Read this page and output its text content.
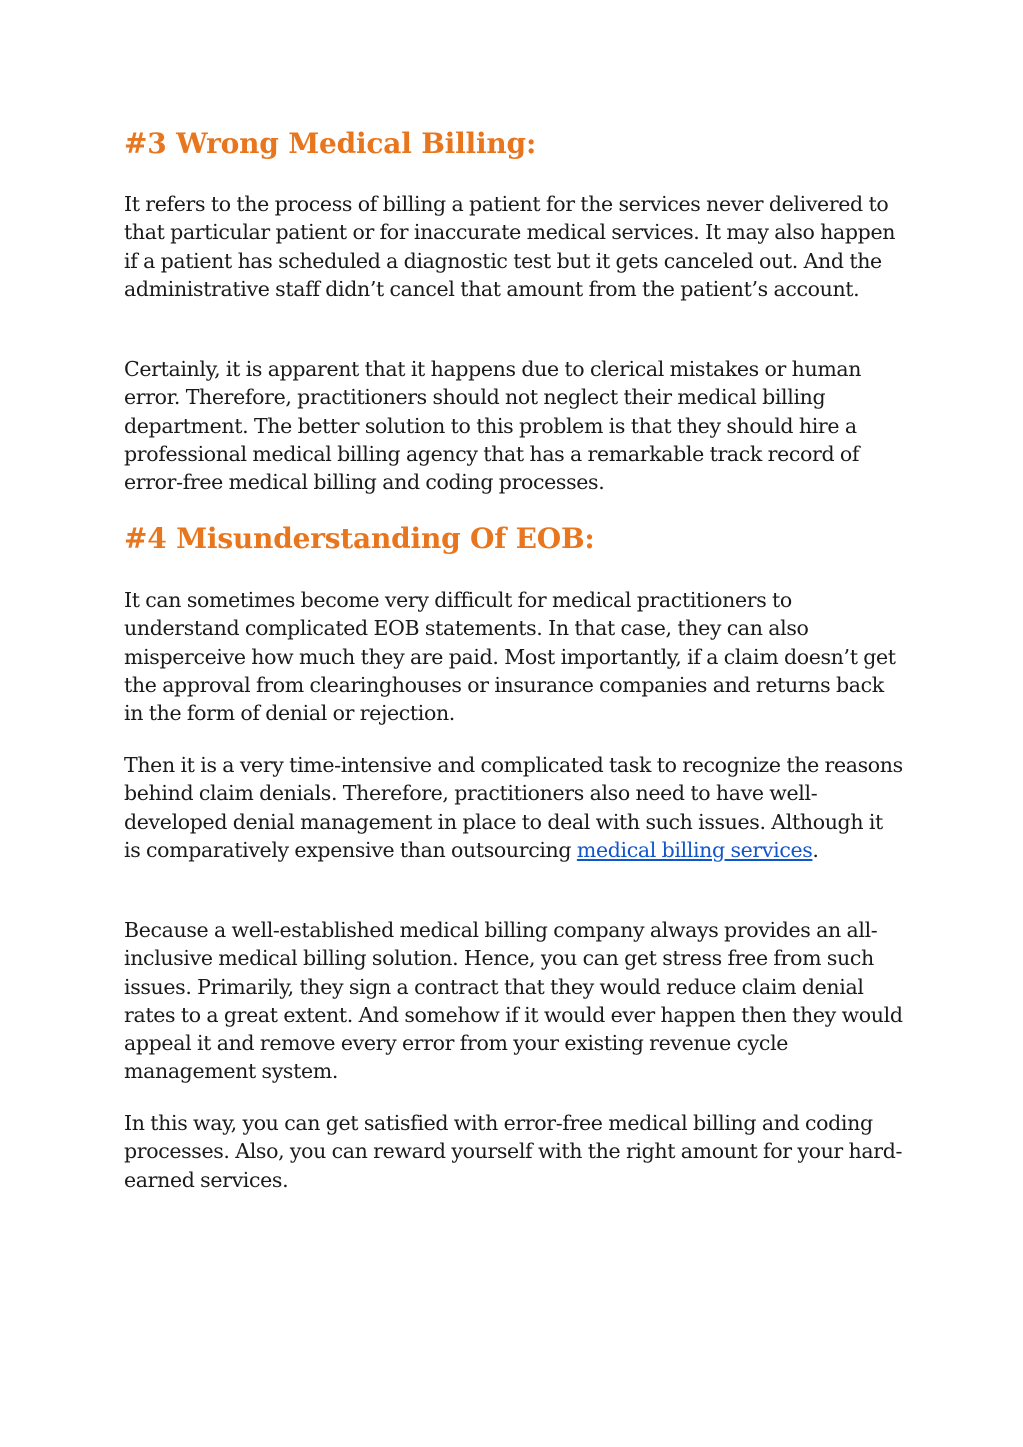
#3 Wrong Medical Billing:

It refers to the process of billing a patient for the services never delivered to that particular patient or for inaccurate medical services. It may also happen if a patient has scheduled a diagnostic test but it gets canceled out. And the administrative staff didn’t cancel that amount from the patient’s account.

Certainly, it is apparent that it happens due to clerical mistakes or human error. Therefore, practitioners should not neglect their medical billing department. The better solution to this problem is that they should hire a professional medical billing agency that has a remarkable track record of error-free medical billing and coding processes.

#4 Misunderstanding Of EOB:

It can sometimes become very difficult for medical practitioners to understand complicated EOB statements. In that case, they can also misperceive how much they are paid. Most importantly, if a claim doesn’t get the approval from clearinghouses or insurance companies and returns back in the form of denial or rejection.

Then it is a very time-intensive and complicated task to recognize the reasons behind claim denials. Therefore, practitioners also need to have well-developed denial management in place to deal with such issues. Although it is comparatively expensive than outsourcing medical billing services.

Because a well-established medical billing company always provides an all-inclusive medical billing solution. Hence, you can get stress free from such issues. Primarily, they sign a contract that they would reduce claim denial rates to a great extent. And somehow if it would ever happen then they would appeal it and remove every error from your existing revenue cycle management system.

In this way, you can get satisfied with error-free medical billing and coding processes. Also, you can reward yourself with the right amount for your hard-earned services.
